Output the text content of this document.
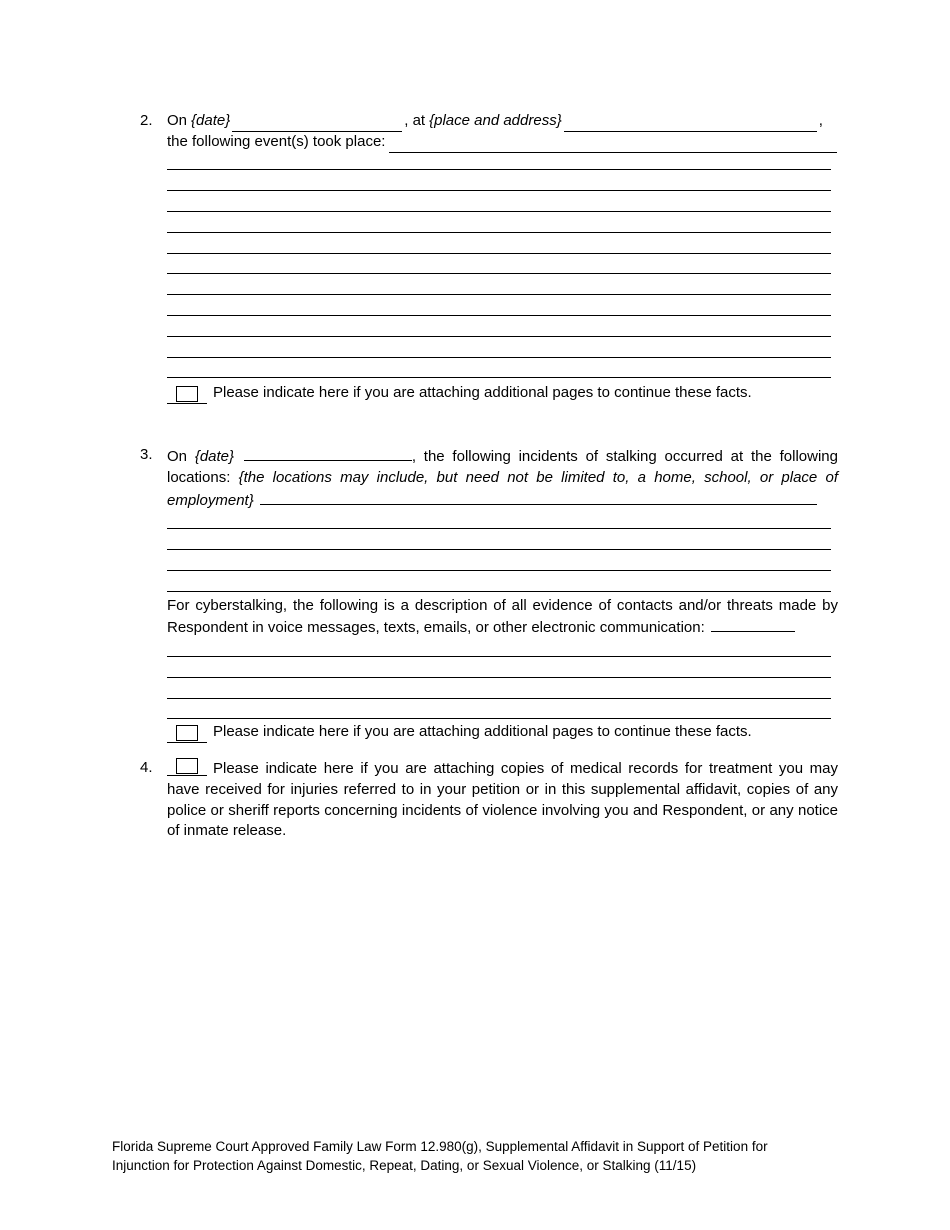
2. On {date}	, at {place and address}	,
the following event(s) took place:
Please indicate here if you are attaching additional pages to continue these facts.
3. On {date}	, the following incidents of stalking occurred at the following locations: {the locations may include, but need not be limited to, a home, school, or place of employment}
For cyberstalking, the following is a description of all evidence of contacts and/or threats made by Respondent in voice messages, texts, emails, or other electronic communication:
Please indicate here if you are attaching additional pages to continue these facts.
4.	Please indicate here if you are attaching copies of medical records for treatment you may have received for injuries referred to in your petition or in this supplemental affidavit, copies of any police or sheriff reports concerning incidents of violence involving you and Respondent, or any notice of inmate release.
Florida Supreme Court Approved Family Law Form 12.980(g), Supplemental Affidavit in Support of Petition for
Injunction for Protection Against Domestic, Repeat, Dating, or Sexual Violence, or Stalking (11/15)
